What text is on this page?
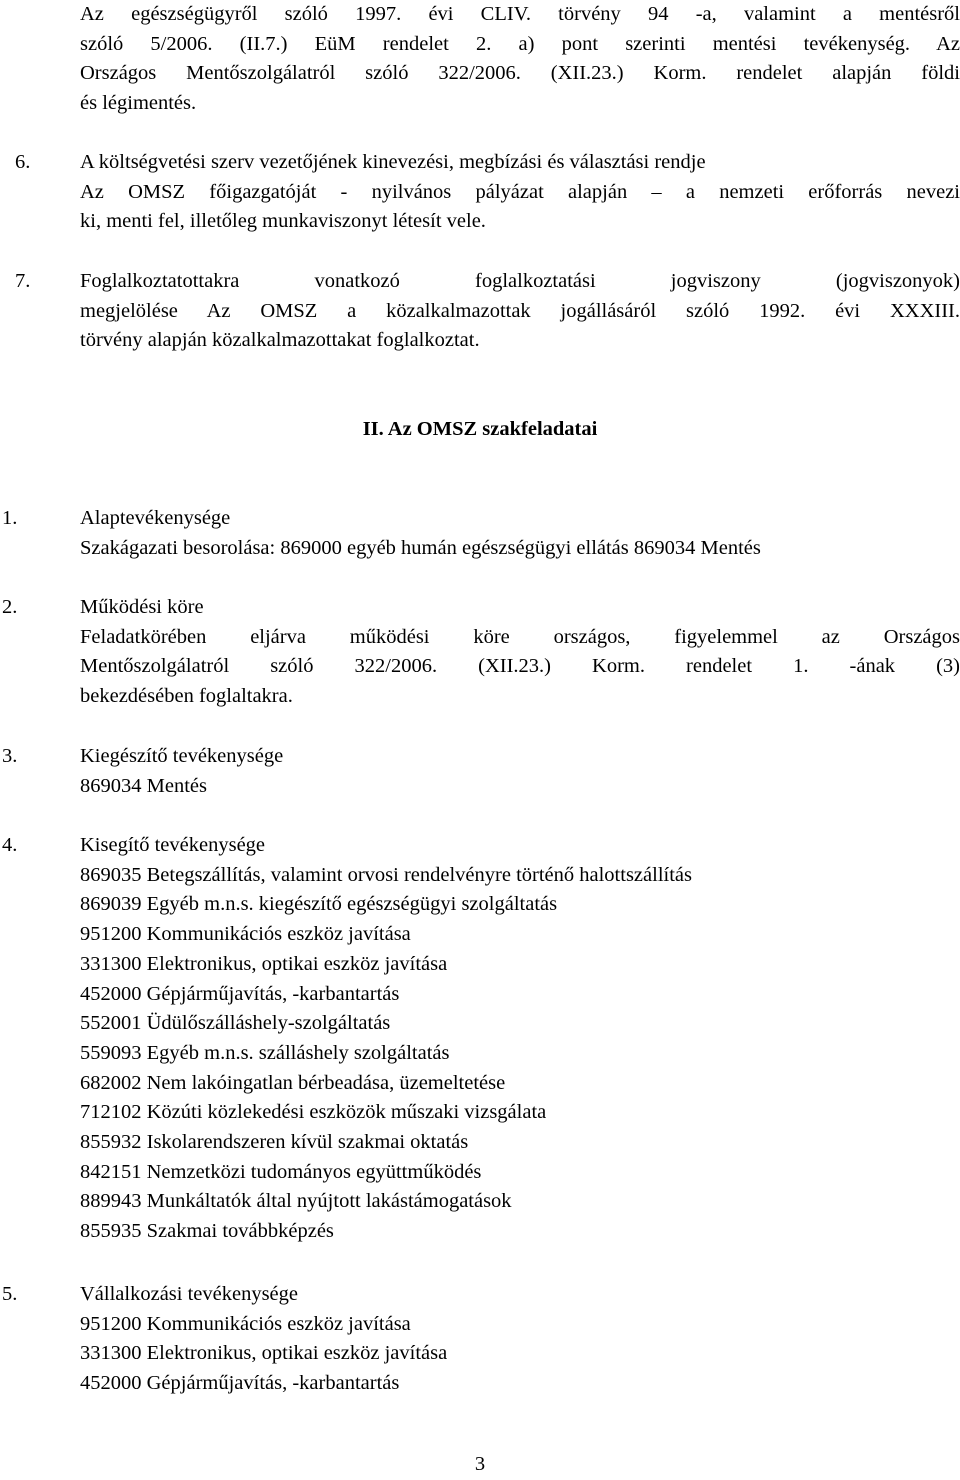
Az egészségügyről szóló 1997. évi CLIV. törvény 94 -a, valamint a mentésről

szóló 5/2006. (II.7.) EüM rendelet 2. a) pont szerinti mentési tevékenység. Az

Országos Mentőszolgálatról szóló 322/2006. (XII.23.) Korm. rendelet alapján földi

és légimentés.

6. A költségvetési szerv vezetőjének kinevezési, megbízási és választási rendje

Az OMSZ főigazgatóját - nyilvános pályázat alapján – a nemzeti erőforrás nevezi

ki, menti fel, illetőleg munkaviszonyt létesít vele.

7. Foglalkoztatottakra vonatkozó foglalkoztatási jogviszony (jogviszonyok)

megjelölése Az OMSZ a közalkalmazottak jogállásáról szóló 1992. évi XXXIII.

törvény alapján közalkalmazottakat foglalkoztat.

II. Az OMSZ szakfeladatai
1.	Alaptevékenysége

Szakágazati besorolása: 869000 egyéb humán egészségügyi ellátás 869034 Mentés

2.	Működési köre

Feladatkörében eljárva működési köre országos, figyelemmel az Országos

Mentőszolgálatról szóló 322/2006. (XII.23.) Korm. rendelet 1. -ának (3)

bekezdésében foglaltakra.

3.	Kiegészítő tevékenysége

869034 Mentés

4.	Kisegítő tevékenysége

869035 Betegszállítás, valamint orvosi rendelvényre történő halottszállítás

869039 Egyéb m.n.s. kiegészítő egészségügyi szolgáltatás

951200 Kommunikációs eszköz javítása

331300 Elektronikus, optikai eszköz javítása

452000 Gépjárműjavítás, -karbantartás

552001 Üdülőszálláshely-szolgáltatás

559093 Egyéb m.n.s. szálláshely szolgáltatás

682002 Nem lakóingatlan bérbeadása, üzemeltetése

712102 Közúti közlekedési eszközök műszaki vizsgálata

855932 Iskolarendszeren kívül szakmai oktatás

842151 Nemzetközi tudományos együttműködés

889943 Munkáltatók által nyújtott lakástámogatások

855935 Szakmai továbbképzés

5.	Vállalkozási tevékenysége

951200 Kommunikációs eszköz javítása

331300 Elektronikus, optikai eszköz javítása

452000 Gépjárműjavítás, -karbantartás

3
